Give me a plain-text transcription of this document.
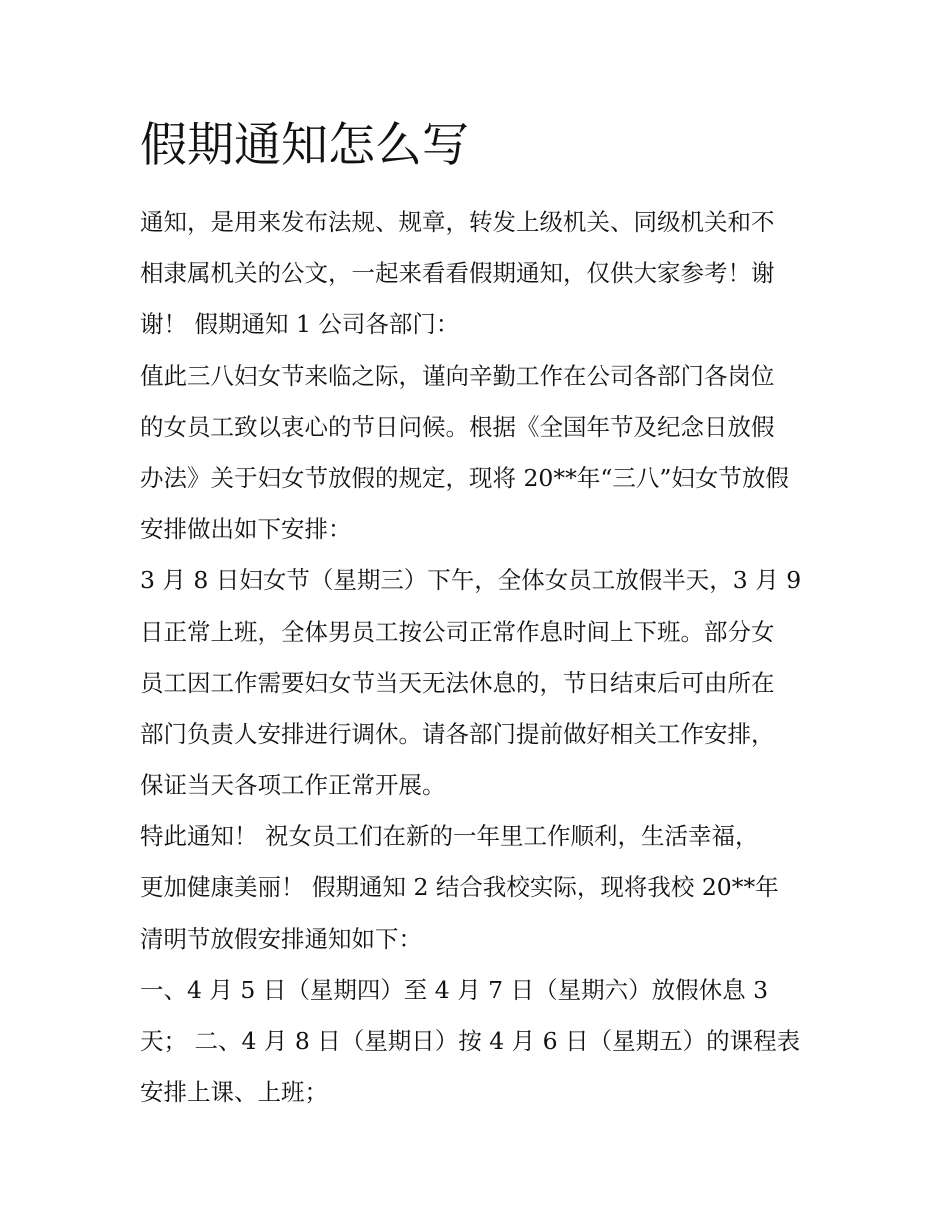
假期通知怎么写
通知，是用来发布法规、规章，转发上级机关、同级机关和不
相隶属机关的公文，一起来看看假期通知，仅供大家参考！谢
谢！ 假期通知 1 公司各部门：
值此三八妇女节来临之际，谨向辛勤工作在公司各部门各岗位
的女员工致以衷心的节日问候。根据《全国年节及纪念日放假
办法》关于妇女节放假的规定，现将 20**年“三八”妇女节放假
安排做出如下安排：
3 月 8 日妇女节（星期三）下午，全体女员工放假半天，3 月 9
日正常上班，全体男员工按公司正常作息时间上下班。部分女
员工因工作需要妇女节当天无法休息的，节日结束后可由所在
部门负责人安排进行调休。请各部门提前做好相关工作安排，
保证当天各项工作正常开展。
特此通知！ 祝女员工们在新的一年里工作顺利，生活幸福，
更加健康美丽！ 假期通知 2 结合我校实际，现将我校 20**年
清明节放假安排通知如下：
一、4 月 5 日（星期四）至 4 月 7 日（星期六）放假休息 3
天； 二、4 月 8 日（星期日）按 4 月 6 日（星期五）的课程表
安排上课、上班；
